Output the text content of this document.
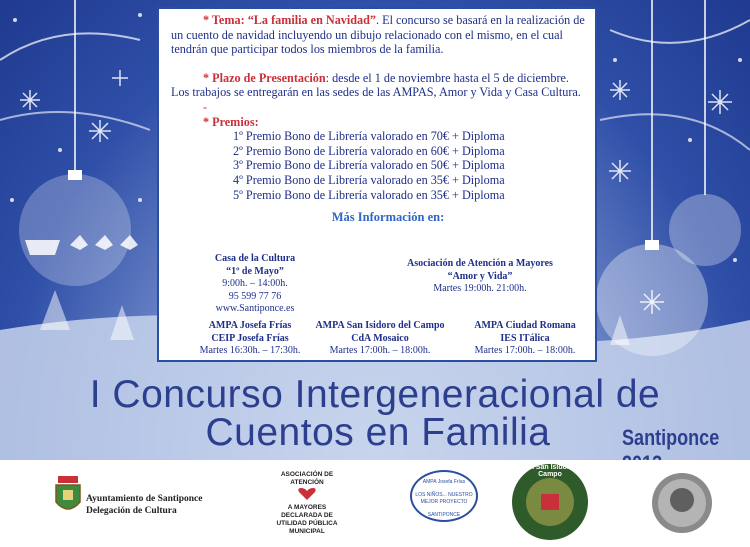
* Tema: “La familia en Navidad”. El concurso se basará en la realización de un cuento de navidad incluyendo un dibujo relacionado con el mismo, en el cual tendrán que participar todos los miembros de la familia.

* Plazo de Presentación: desde el 1 de noviembre hasta el 5 de diciembre. Los trabajos se entregarán en las sedes de las AMPAS, Amor y Vida y Casa Cultura.

-

* Premios:

1º Premio Bono de Librería valorado en 70€ + Diploma

2º Premio Bono de Librería valorado en 60€ + Diploma

3º Premio Bono de Librería valorado en 50€ + Diploma

4º Premio Bono de Librería valorado en 35€ + Diploma

5º Premio Bono de Librería valorado en 35€ + Diploma

Más Información en:

Casa de la Cultura
“1º de Mayo”
9:00h. – 14:00h.
95 599 77 76
www.Santiponce.es
Asociación de Atención a Mayores
“Amor y Vida”
Martes 19:00h. 21:00h.
AMPA Josefa Frías
CEIP Josefa Frías
Martes 16:30h. – 17:30h.
AMPA San Isidoro del Campo
CdA Mosaico
Martes 17:00h. – 18:00h.
AMPA Ciudad Romana
IES ITálica
Martes 17:00h. – 18:00h.
I Concurso Intergeneracional de
Cuentos en Familia	Santiponce
Ayuntamiento de Santiponce
Delegación de Cultura
ASOCIACIÓN DE ATENCIÓN
A MAYORES
DECLARADA DE
UTILIDAD PÚBLICA MUNICIPAL
AMPA Josefa Frías
LOS NIÑOS... NUESTRO MEJOR PROYECTO
SANTIPONCE
AMPA San Isidoro del Campo
